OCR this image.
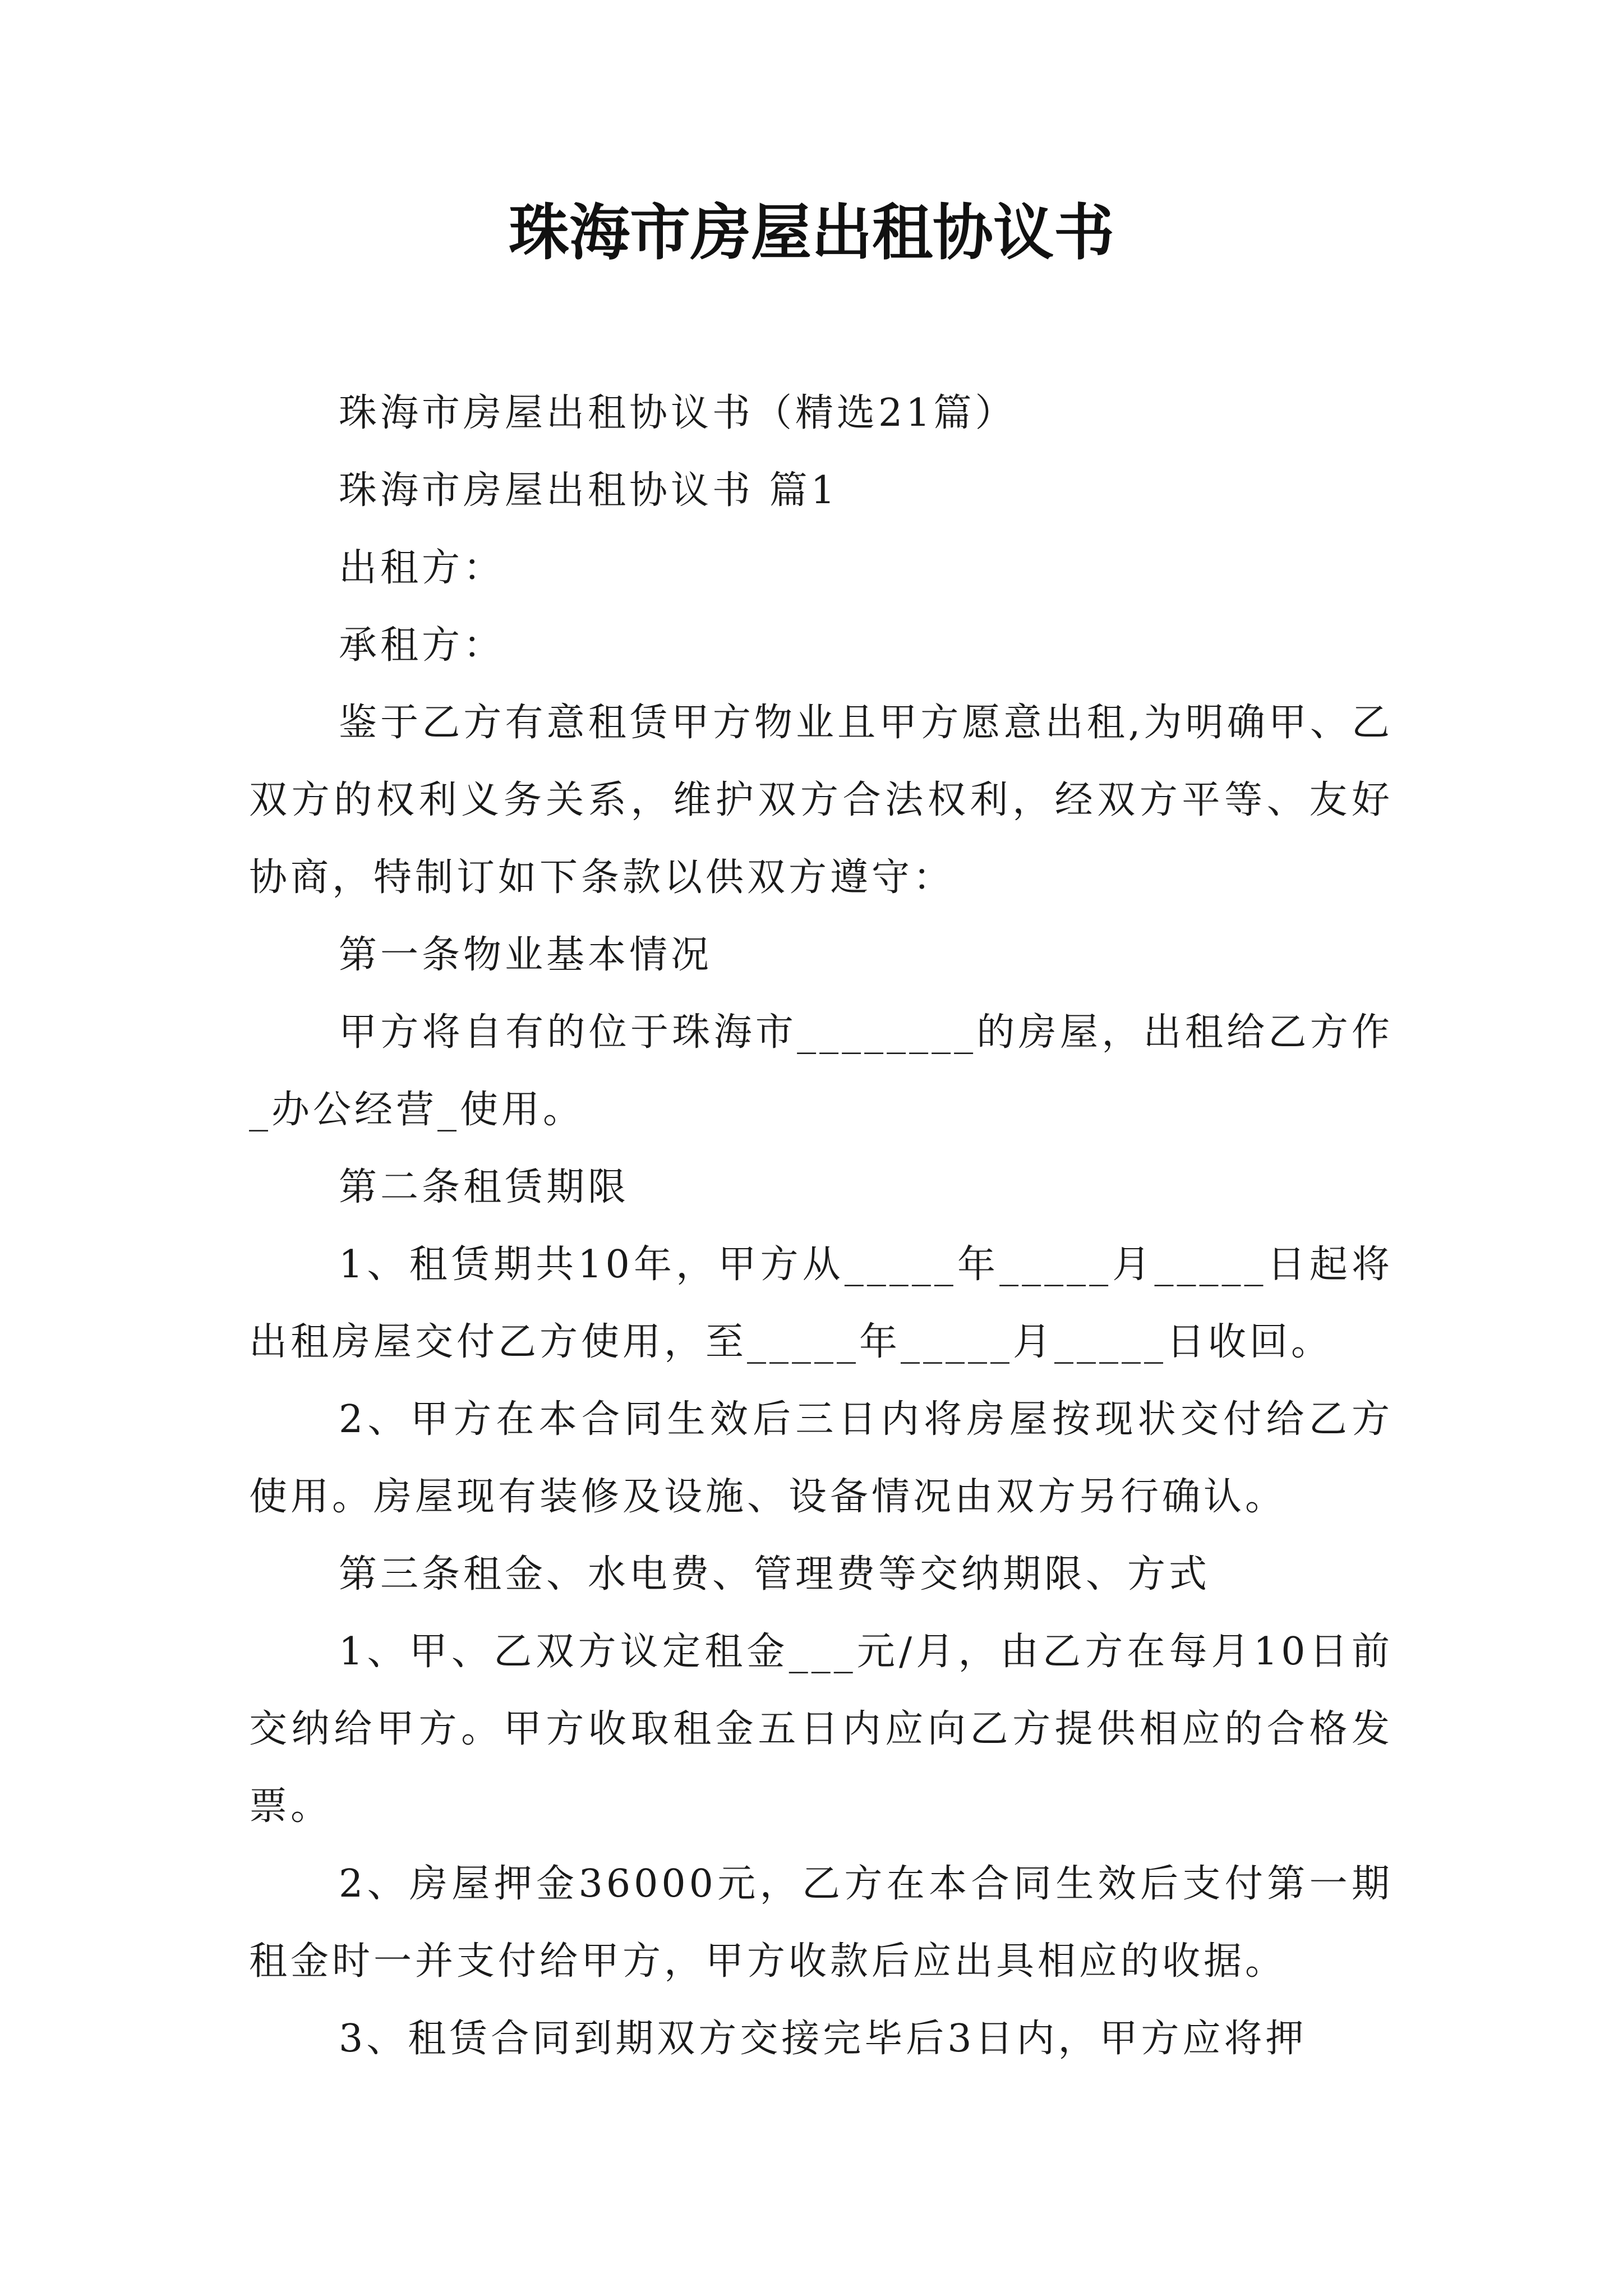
珠海市房屋出租协议书

珠海市房屋出租协议书（精选21篇）

珠海市房屋出租协议书 篇1

出租方：

承租方：

鉴于乙方有意租赁甲方物业且甲方愿意出租,为明确甲、乙双方的权利义务关系，维护双方合法权利，经双方平等、友好协商，特制订如下条款以供双方遵守：

第一条物业基本情况

甲方将自有的位于珠海市________的房屋，出租给乙方作_办公经营_使用。

第二条租赁期限

1、租赁期共10年，甲方从_____年_____月_____日起将出租房屋交付乙方使用，至_____年_____月_____日收回。

2、甲方在本合同生效后三日内将房屋按现状交付给乙方使用。房屋现有装修及设施、设备情况由双方另行确认。

第三条租金、水电费、管理费等交纳期限、方式

1、甲、乙双方议定租金___元/月，由乙方在每月10日前交纳给甲方。甲方收取租金五日内应向乙方提供相应的合格发票。

2、房屋押金36000元，乙方在本合同生效后支付第一期租金时一并支付给甲方，甲方收款后应出具相应的收据。

3、租赁合同到期双方交接完毕后3日内，甲方应将押
